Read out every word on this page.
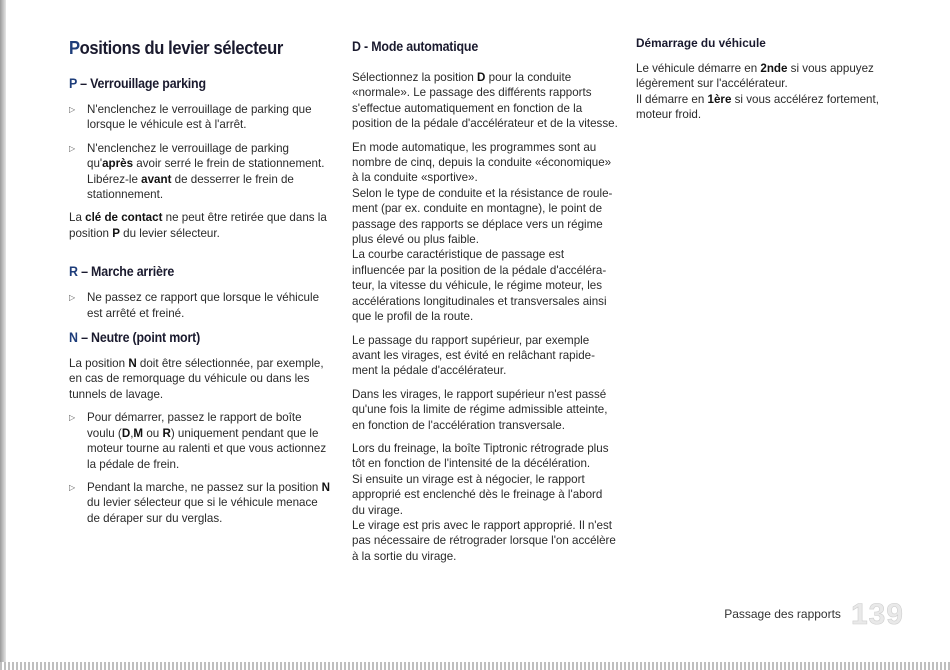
Positions du levier sélecteur
P – Verrouillage parking
▷ N'enclenchez le verrouillage de parking que lorsque le véhicule est à l'arrêt.
▷ N'enclenchez le verrouillage de parking qu'après avoir serré le frein de stationnement. Libérez-le avant de desserrer le frein de stationnement.

La clé de contact ne peut être retirée que dans la position P du levier sélecteur.

R – Marche arrière
▷ Ne passez ce rapport que lorsque le véhicule est arrêté et freiné.
N – Neutre (point mort)

La position N doit être sélectionnée, par exemple, en cas de remorquage du véhicule ou dans les tunnels de lavage.

▷ Pour démarrer, passez le rapport de boîte voulu (D,M ou R) uniquement pendant que le moteur tourne au ralenti et que vous actionnez la pédale de frein.
▷ Pendant la marche, ne passez sur la position N du levier sélecteur que si le véhicule menace de déraper sur du verglas.
D - Mode automatique

Sélectionnez la position D pour la conduite «normale». Le passage des différents rapports s'effectue automatiquement en fonction de la position de la pédale d'accélérateur et de la vitesse.

En mode automatique, les programmes sont au nombre de cinq, depuis la conduite «économique» à la conduite «sportive».
Selon le type de conduite et la résistance de roule-ment (par ex. conduite en montagne), le point de passage des rapports se déplace vers un régime plus élevé ou plus faible.
La courbe caractéristique de passage est influencée par la position de la pédale d'accéléra-teur, la vitesse du véhicule, le régime moteur, les accélérations longitudinales et transversales ainsi que le profil de la route.

Le passage du rapport supérieur, par exemple avant les virages, est évité en relâchant rapide-ment la pédale d'accélérateur.

Dans les virages, le rapport supérieur n'est passé qu'une fois la limite de régime admissible atteinte, en fonction de l'accélération transversale.

Lors du freinage, la boîte Tiptronic rétrograde plus tôt en fonction de l'intensité de la décélération.
Si ensuite un virage est à négocier, le rapport approprié est enclenché dès le freinage à l'abord du virage.
Le virage est pris avec le rapport approprié. Il n'est pas nécessaire de rétrograder lorsque l'on accélère à la sortie du virage.
Démarrage du véhicule
Le véhicule démarre en 2nde si vous appuyez légèrement sur l'accélérateur.
Il démarre en 1ère si vous accélérez fortement, moteur froid.
Passage des rapports 139
